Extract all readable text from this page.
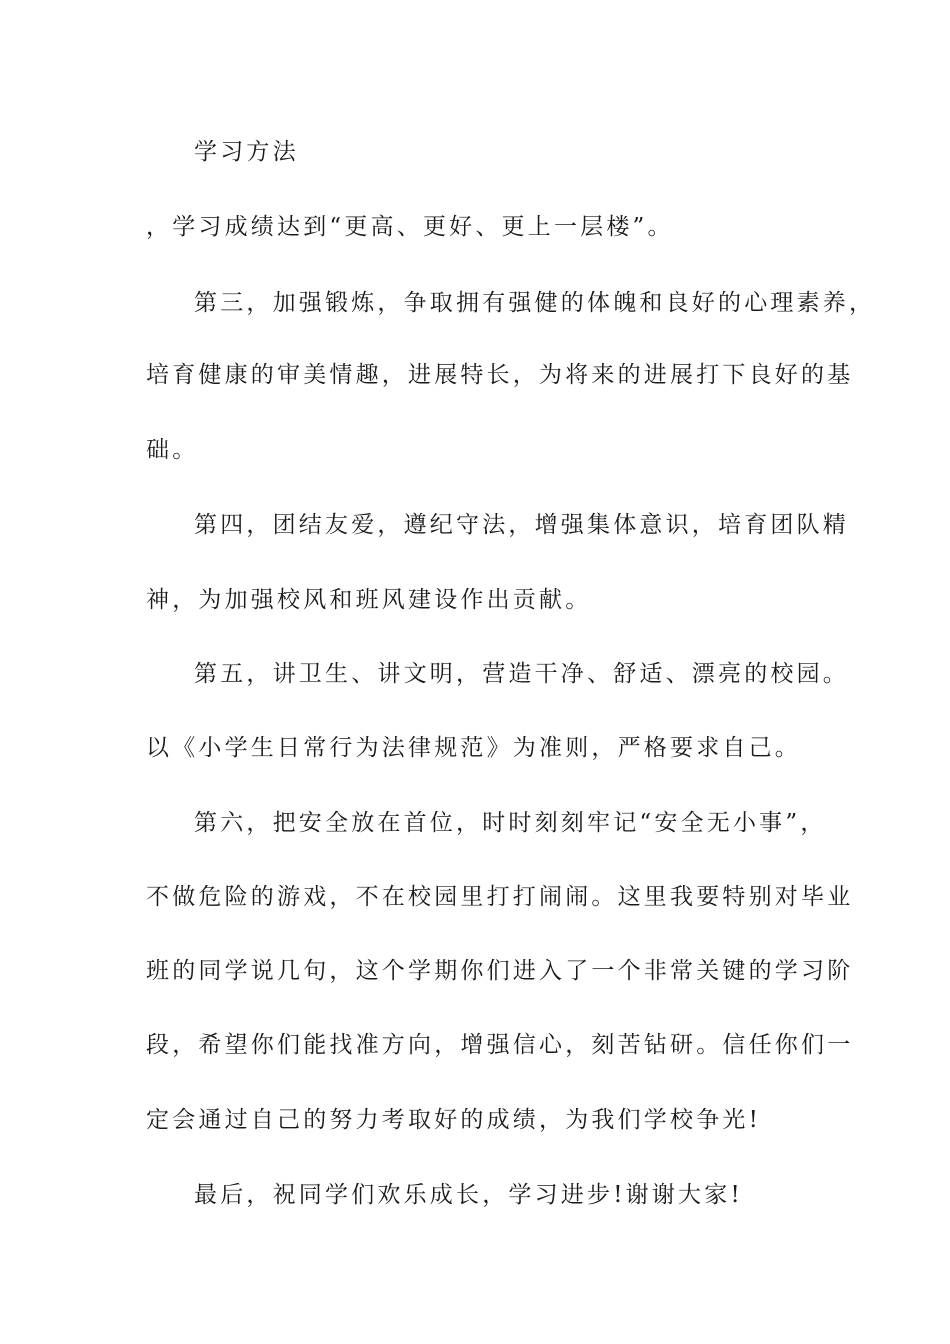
学习方法
，学习成绩达到“更高、更好、更上一层楼”。
第三，加强锻炼，争取拥有强健的体魄和良好的心理素养，
培育健康的审美情趣，进展特长，为将来的进展打下良好的基
础。
第四，团结友爱，遵纪守法，增强集体意识，培育团队精
神，为加强校风和班风建设作出贡献。
第五，讲卫生、讲文明，营造干净、舒适、漂亮的校园。
以《小学生日常行为法律规范》为准则，严格要求自己。
第六，把安全放在首位，时时刻刻牢记“安全无小事”，
不做危险的游戏，不在校园里打打闹闹。这里我要特别对毕业
班的同学说几句，这个学期你们进入了一个非常关键的学习阶
段，希望你们能找准方向，增强信心，刻苦钻研。信任你们一
定会通过自己的努力考取好的成绩，为我们学校争光!
最后，祝同学们欢乐成长，学习进步!谢谢大家!
